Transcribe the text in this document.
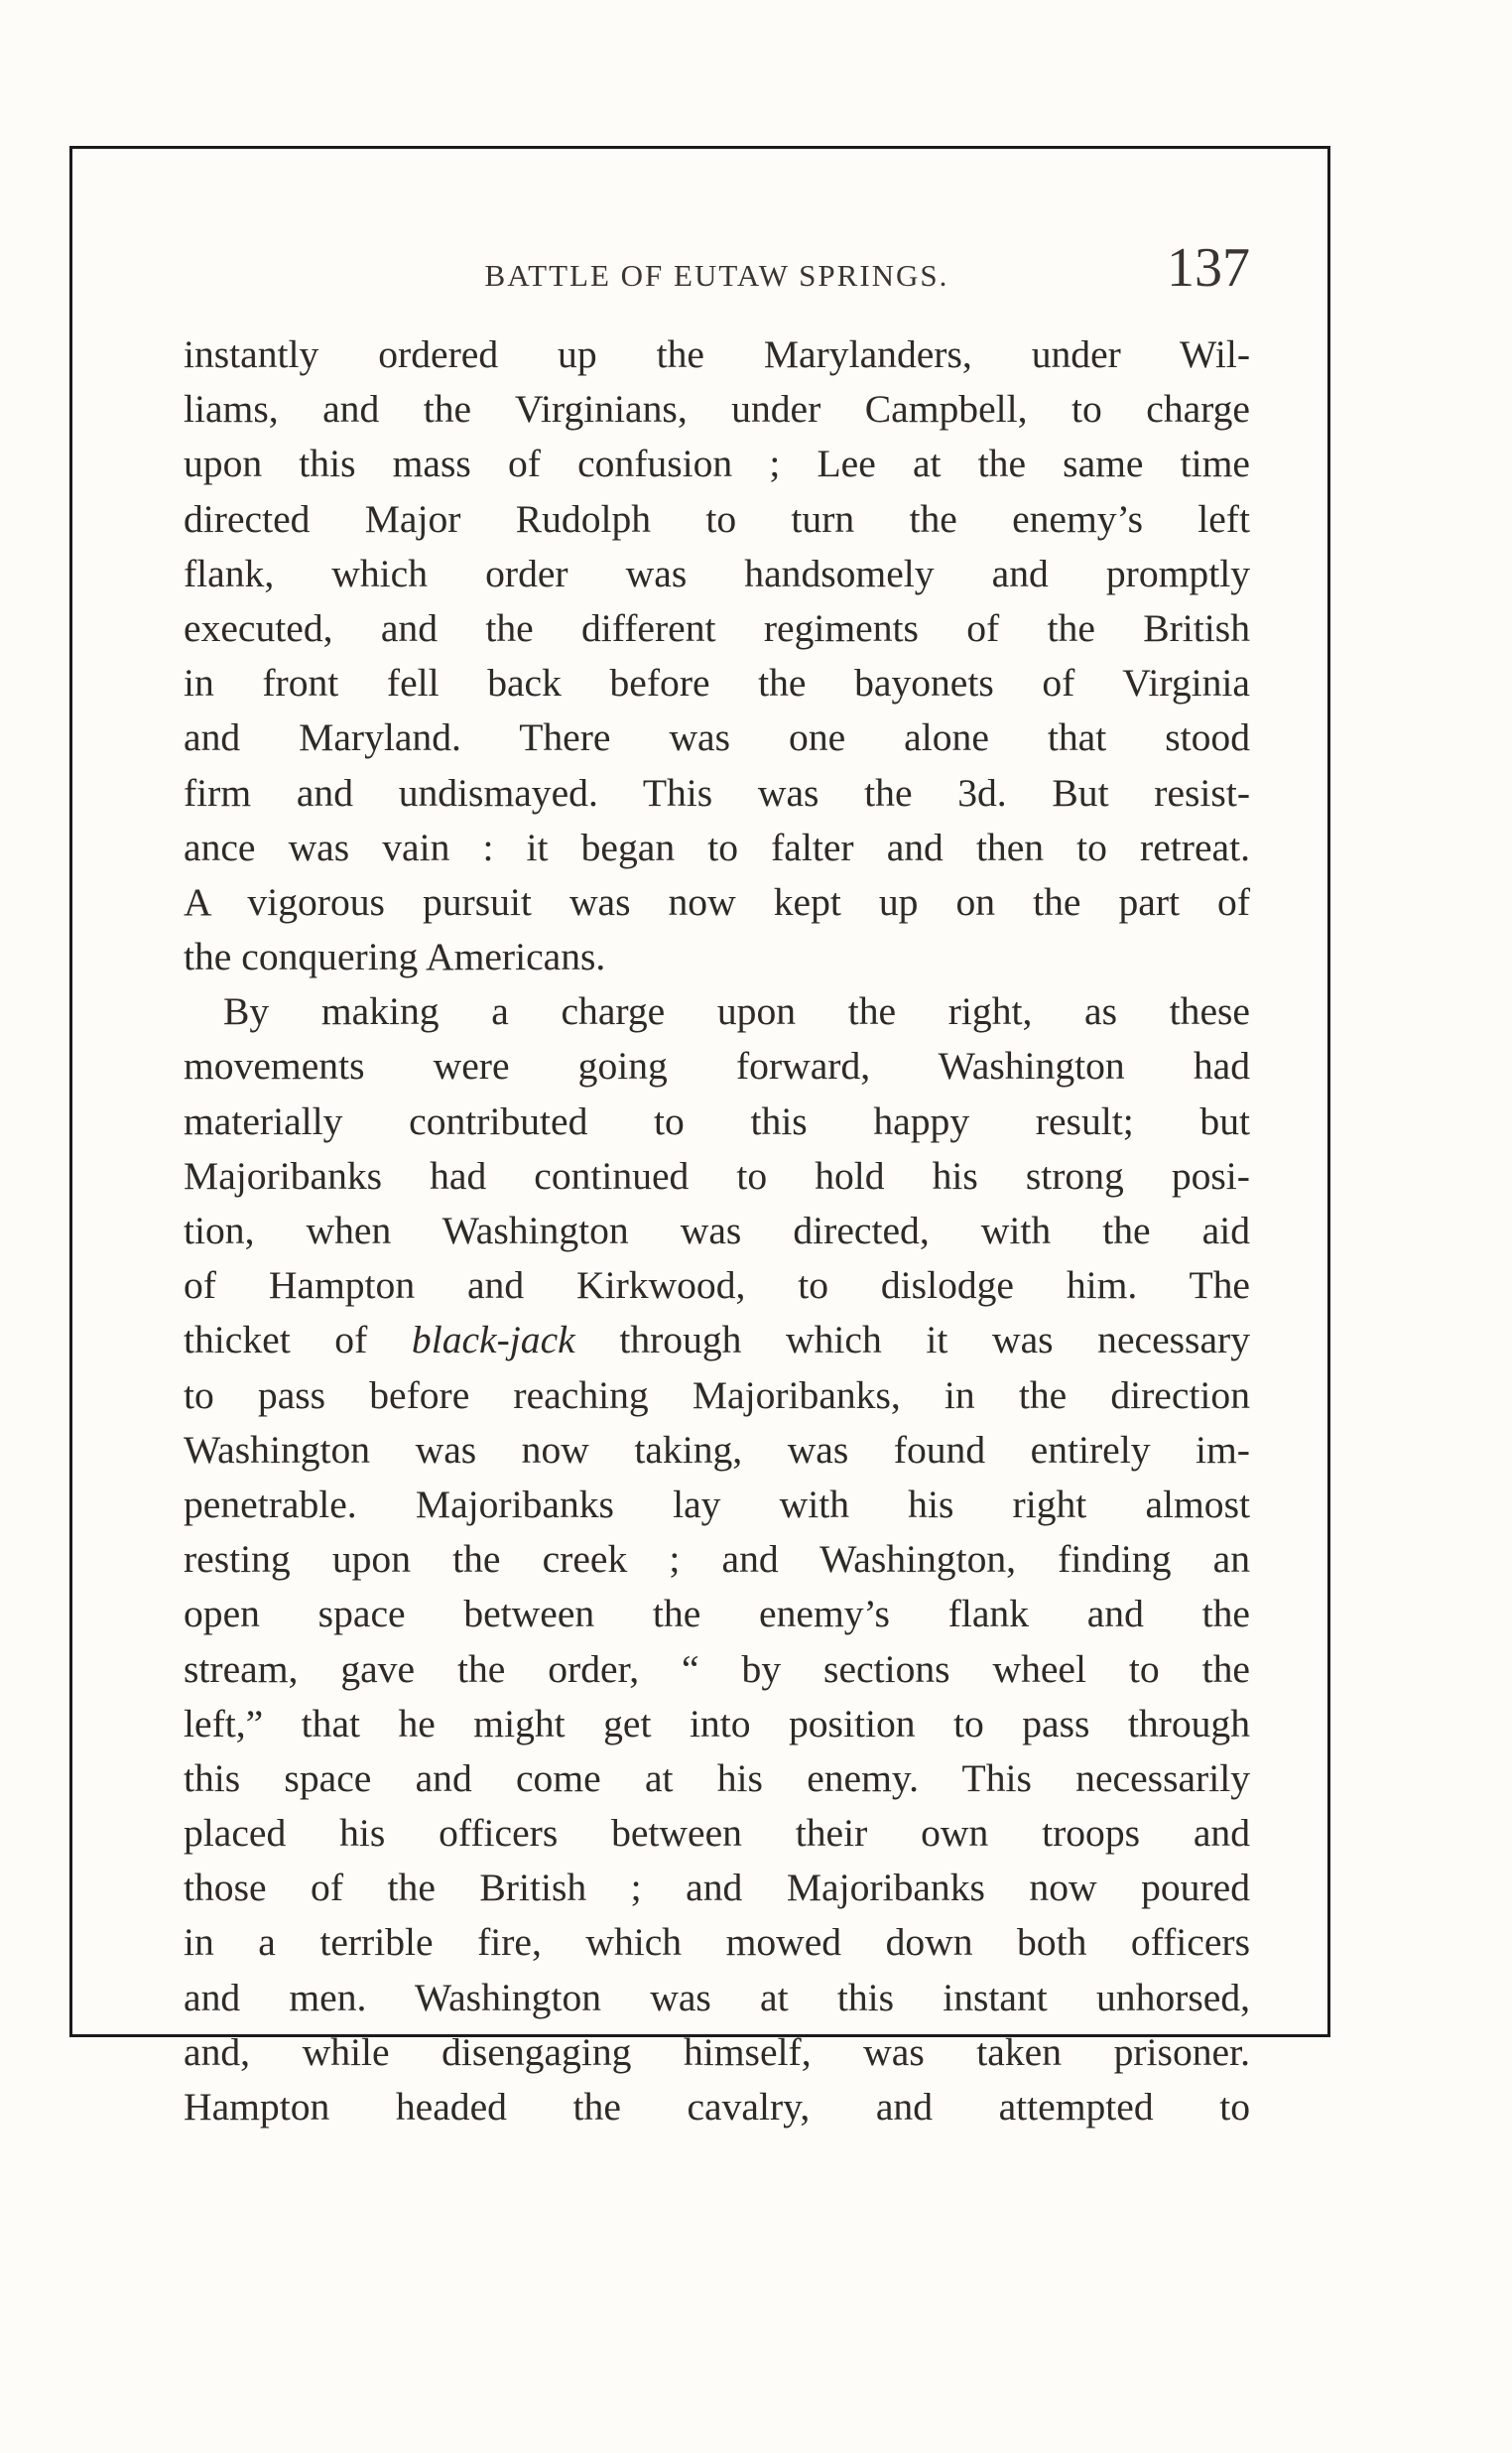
BATTLE OF EUTAW SPRINGS.	137
instantly ordered up the Marylanders, under Wil-
liams, and the Virginians, under Campbell, to charge
upon this mass of confusion ; Lee at the same time
directed Major Rudolph to turn the enemy’s left
flank, which order was handsomely and promptly
executed, and the different regiments of the British
in front fell back before the bayonets of Virginia
and Maryland. There was one alone that stood
firm and undismayed. This was the 3d. But resist-
ance was vain : it began to falter and then to retreat.
A vigorous pursuit was now kept up on the part of
the conquering Americans.
By making a charge upon the right, as these
movements were going forward, Washington had
materially contributed to this happy result; but
Majoribanks had continued to hold his strong posi-
tion, when Washington was directed, with the aid
of Hampton and Kirkwood, to dislodge him. The
thicket of black-jack through which it was necessary
to pass before reaching Majoribanks, in the direction
Washington was now taking, was found entirely im-
penetrable. Majoribanks lay with his right almost
resting upon the creek ; and Washington, finding an
open space between the enemy’s flank and the
stream, gave the order, “ by sections wheel to the
left,” that he might get into position to pass through
this space and come at his enemy. This necessarily
placed his officers between their own troops and
those of the British ; and Majoribanks now poured
in a terrible fire, which mowed down both officers
and men. Washington was at this instant unhorsed,
and, while disengaging himself, was taken prisoner.
Hampton headed the cavalry, and attempted to
